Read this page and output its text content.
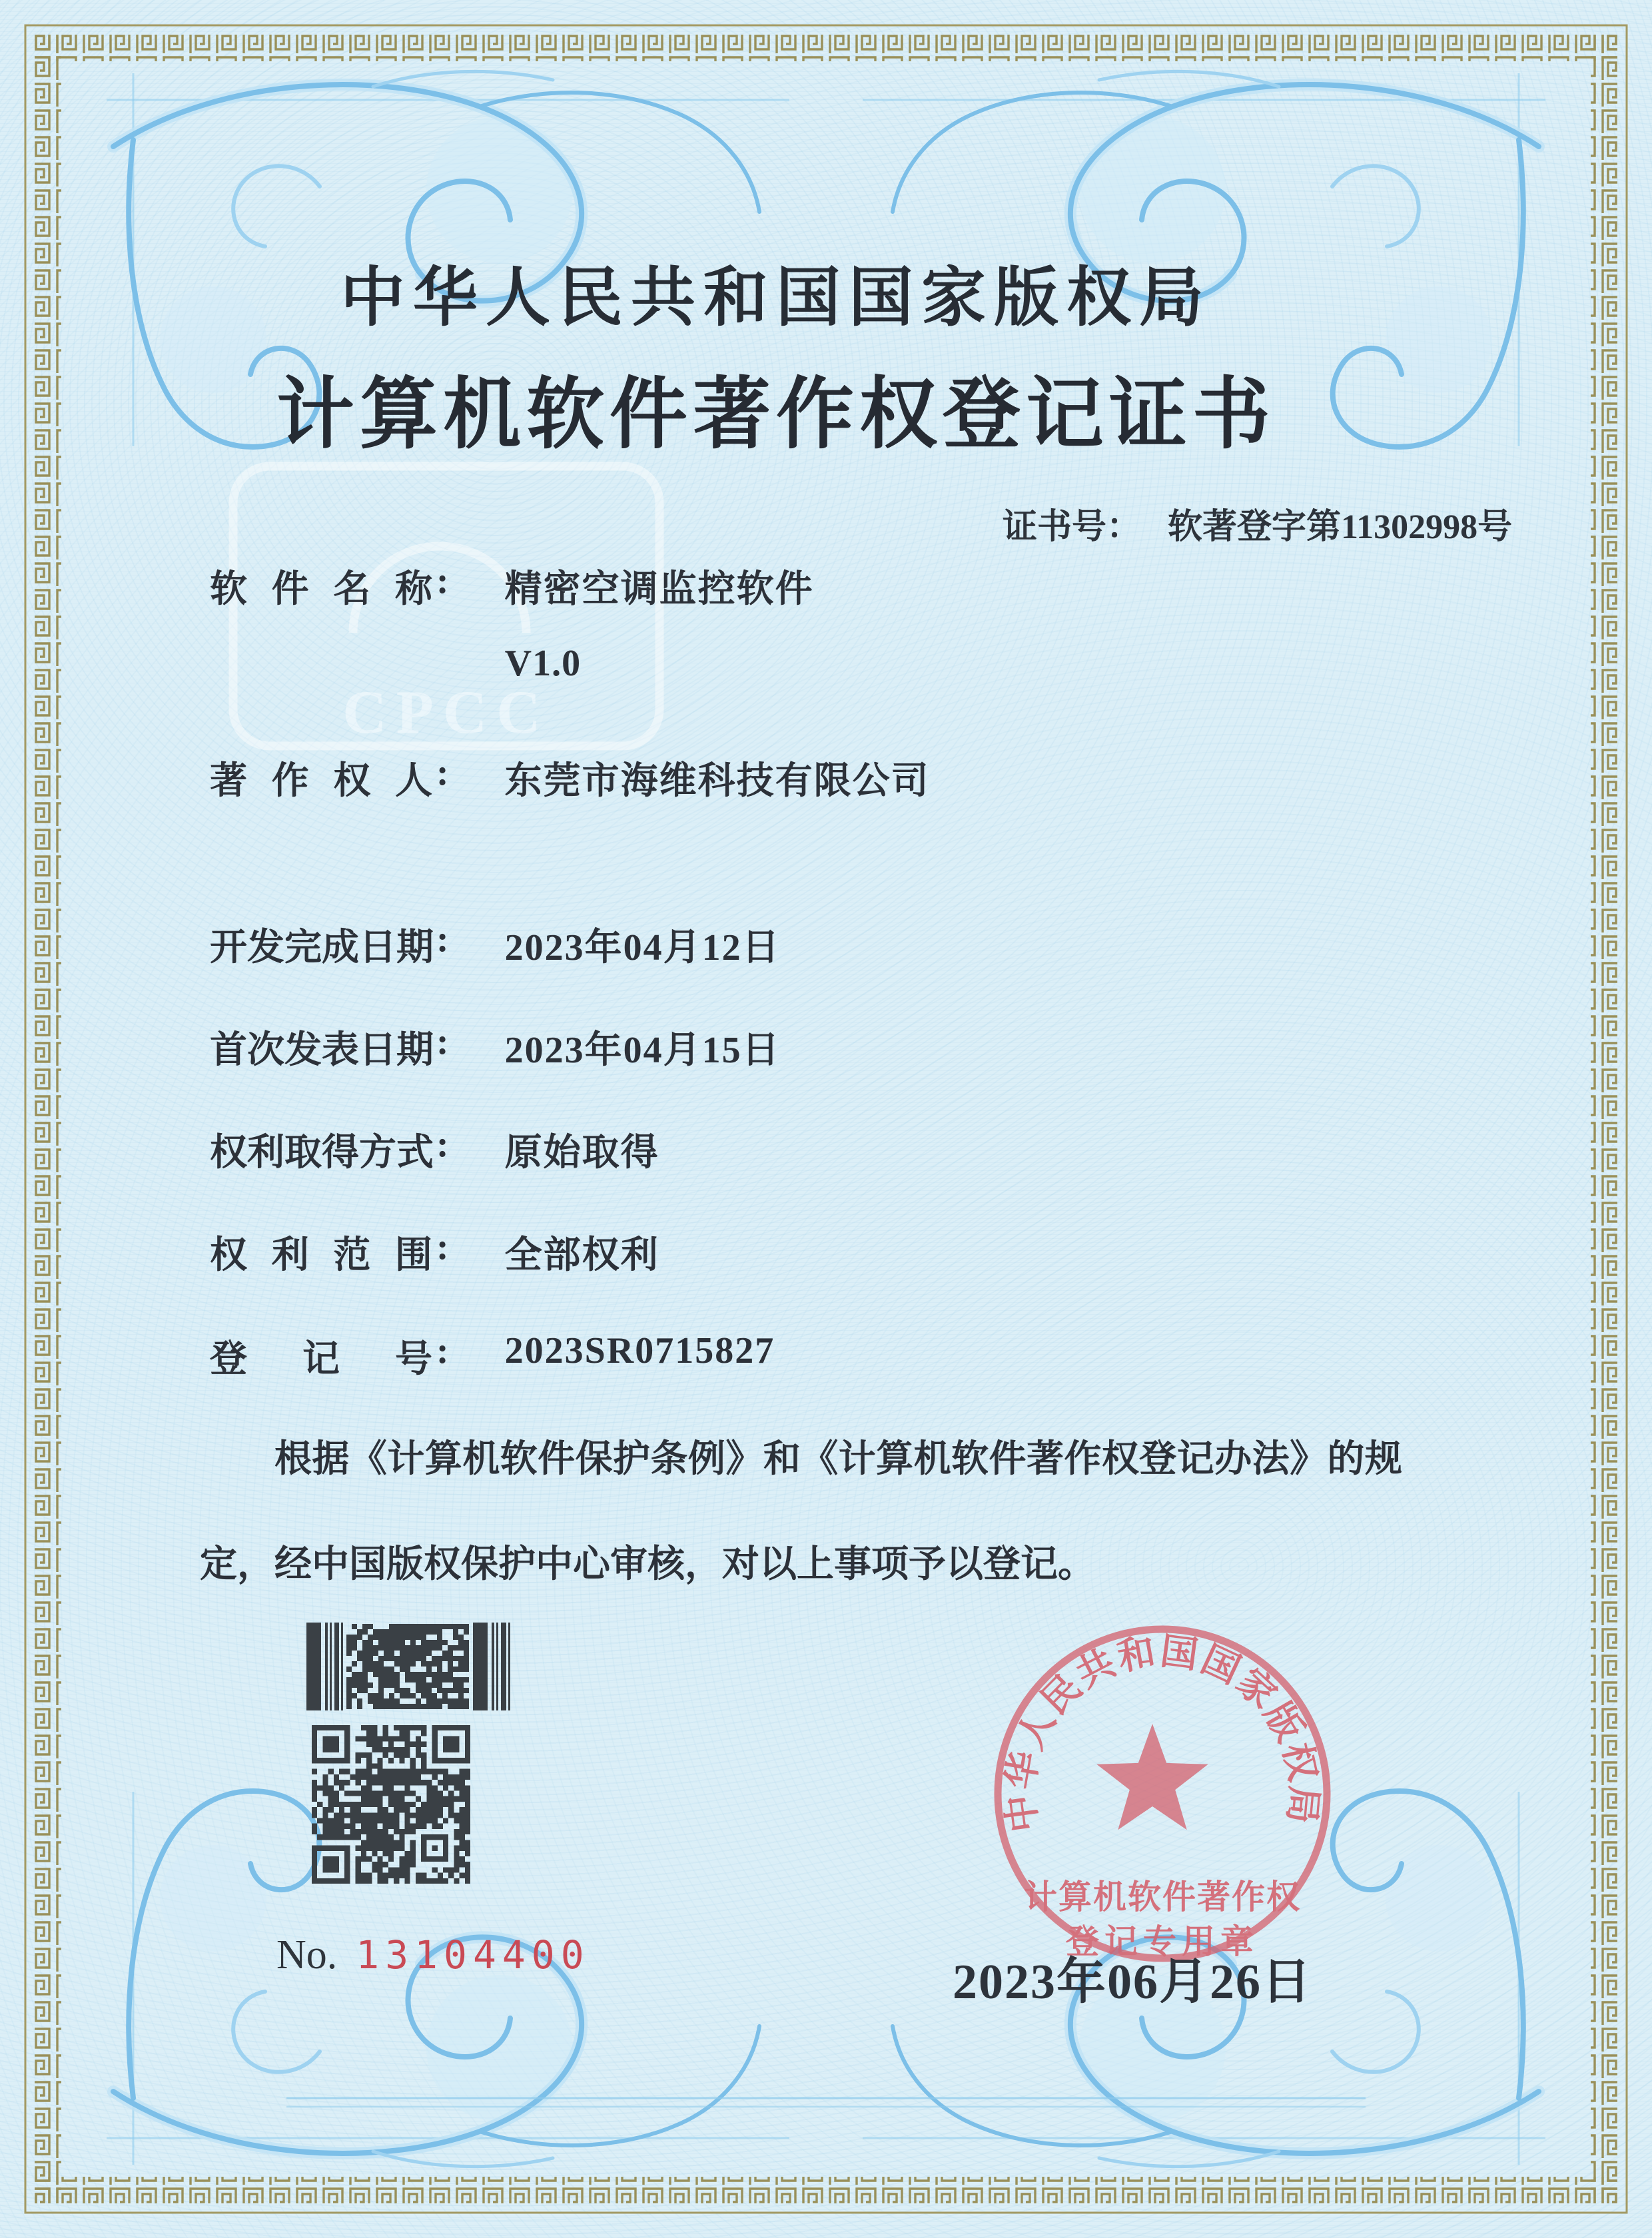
CPCC
中华人民共和国国家版权局
计算机软件著作权登记证书
证书号： 软著登字第11302998号
软件名称 : 精密空调监控软件
V1.0
著作权人 : 东莞市海维科技有限公司
开发完成日期 : 2023年04月12日
首次发表日期 : 2023年04月15日
权利取得方式 : 原始取得
权利范围 : 全部权利
登记号 : 2023SR0715827

根据《计算机软件保护条例》和《计算机软件著作权登记办法》的规定，经中国版权保护中心审核，对以上事项予以登记。

No. 13104400
中华人民共和国国家版权局
计算机软件著作权
登记专用章
2023年06月26日
